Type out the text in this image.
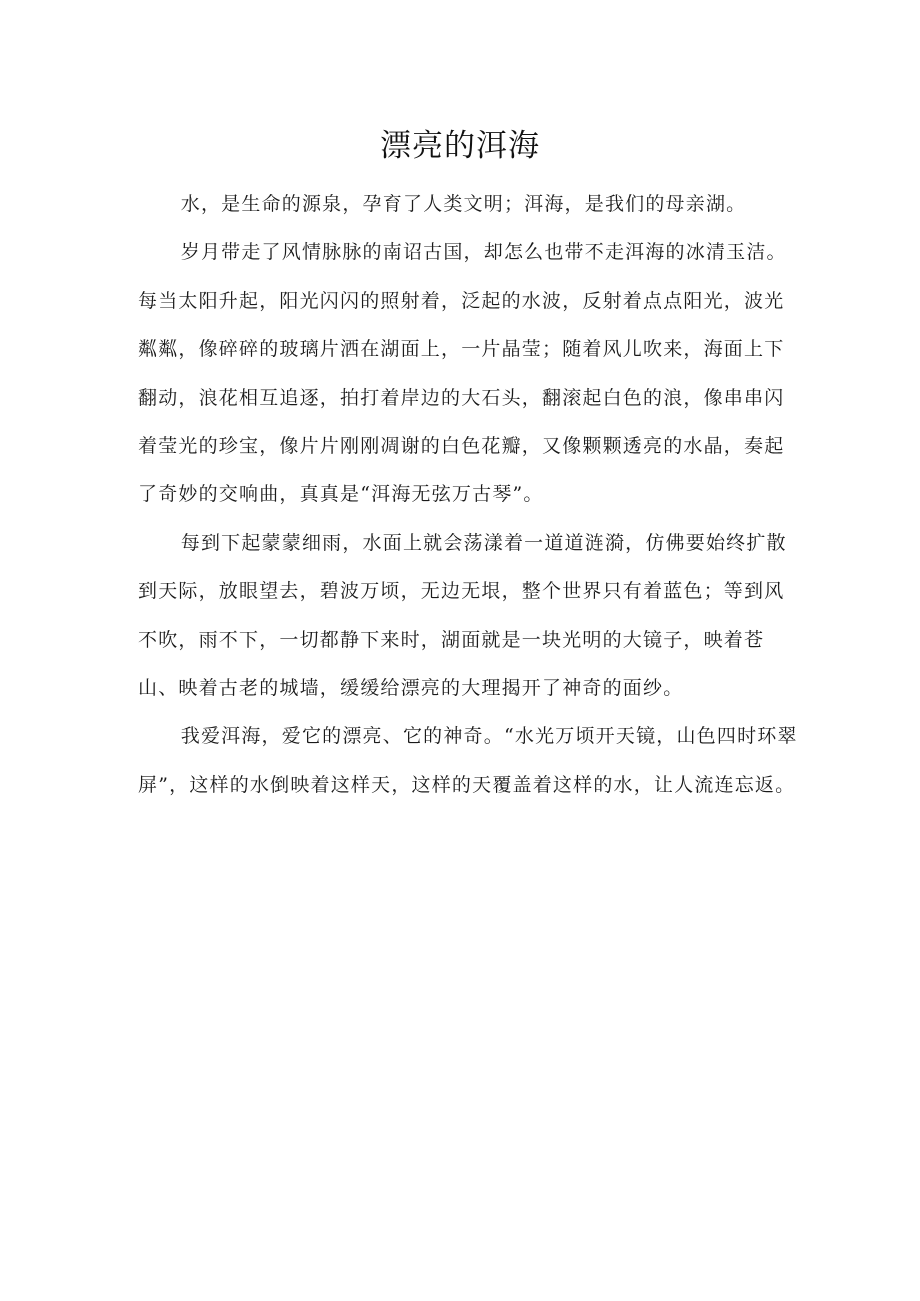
漂亮的洱海

水，是生命的源泉，孕育了人类文明；洱海，是我们的母亲湖。

岁月带走了风情脉脉的南诏古国，却怎么也带不走洱海的冰清玉洁。每当太阳升起，阳光闪闪的照射着，泛起的水波，反射着点点阳光，波光粼粼，像碎碎的玻璃片洒在湖面上，一片晶莹；随着风儿吹来，海面上下翻动，浪花相互追逐，拍打着岸边的大石头，翻滚起白色的浪，像串串闪着莹光的珍宝，像片片刚刚凋谢的白色花瓣，又像颗颗透亮的水晶，奏起了奇妙的交响曲，真真是“洱海无弦万古琴”。

每到下起蒙蒙细雨，水面上就会荡漾着一道道涟漪，仿佛要始终扩散到天际，放眼望去，碧波万顷，无边无垠，整个世界只有着蓝色；等到风不吹，雨不下，一切都静下来时，湖面就是一块光明的大镜子，映着苍山、映着古老的城墙，缓缓给漂亮的大理揭开了神奇的面纱。

我爱洱海，爱它的漂亮、它的神奇。“水光万顷开天镜，山色四时环翠屏”，这样的水倒映着这样天，这样的天覆盖着这样的水，让人流连忘返。
